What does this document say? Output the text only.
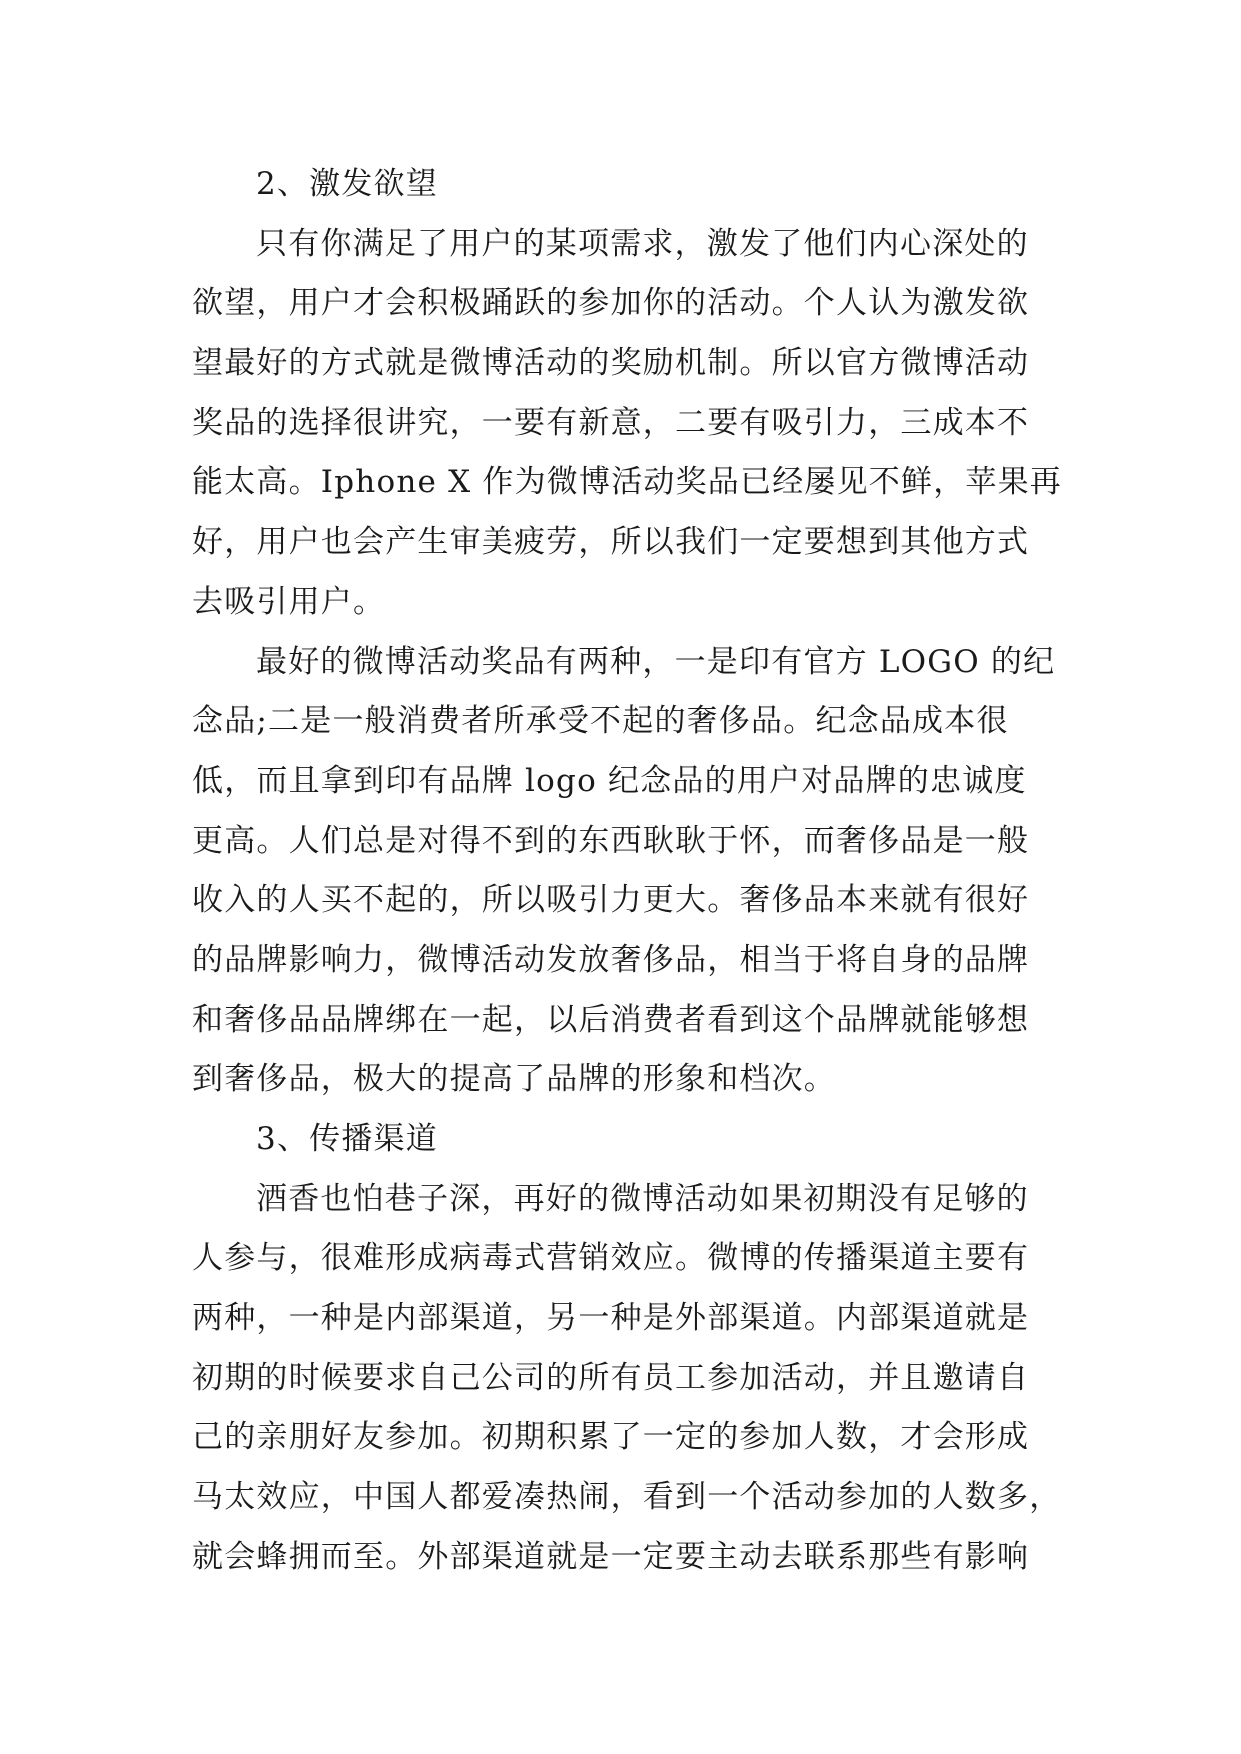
2、激发欲望
只有你满足了用户的某项需求，激发了他们内心深处的
欲望，用户才会积极踊跃的参加你的活动。个人认为激发欲
望最好的方式就是微博活动的奖励机制。所以官方微博活动
奖品的选择很讲究，一要有新意，二要有吸引力，三成本不
能太高。Iphone X 作为微博活动奖品已经屡见不鲜，苹果再
好，用户也会产生审美疲劳，所以我们一定要想到其他方式
去吸引用户。
最好的微博活动奖品有两种，一是印有官方 LOGO 的纪
念品;二是一般消费者所承受不起的奢侈品。纪念品成本很
低，而且拿到印有品牌 logo 纪念品的用户对品牌的忠诚度
更高。人们总是对得不到的东西耿耿于怀，而奢侈品是一般
收入的人买不起的，所以吸引力更大。奢侈品本来就有很好
的品牌影响力，微博活动发放奢侈品，相当于将自身的品牌
和奢侈品品牌绑在一起，以后消费者看到这个品牌就能够想
到奢侈品，极大的提高了品牌的形象和档次。
3、传播渠道
酒香也怕巷子深，再好的微博活动如果初期没有足够的
人参与，很难形成病毒式营销效应。微博的传播渠道主要有
两种，一种是内部渠道，另一种是外部渠道。内部渠道就是
初期的时候要求自己公司的所有员工参加活动，并且邀请自
己的亲朋好友参加。初期积累了一定的参加人数，才会形成
马太效应，中国人都爱凑热闹，看到一个活动参加的人数多，
就会蜂拥而至。外部渠道就是一定要主动去联系那些有影响
